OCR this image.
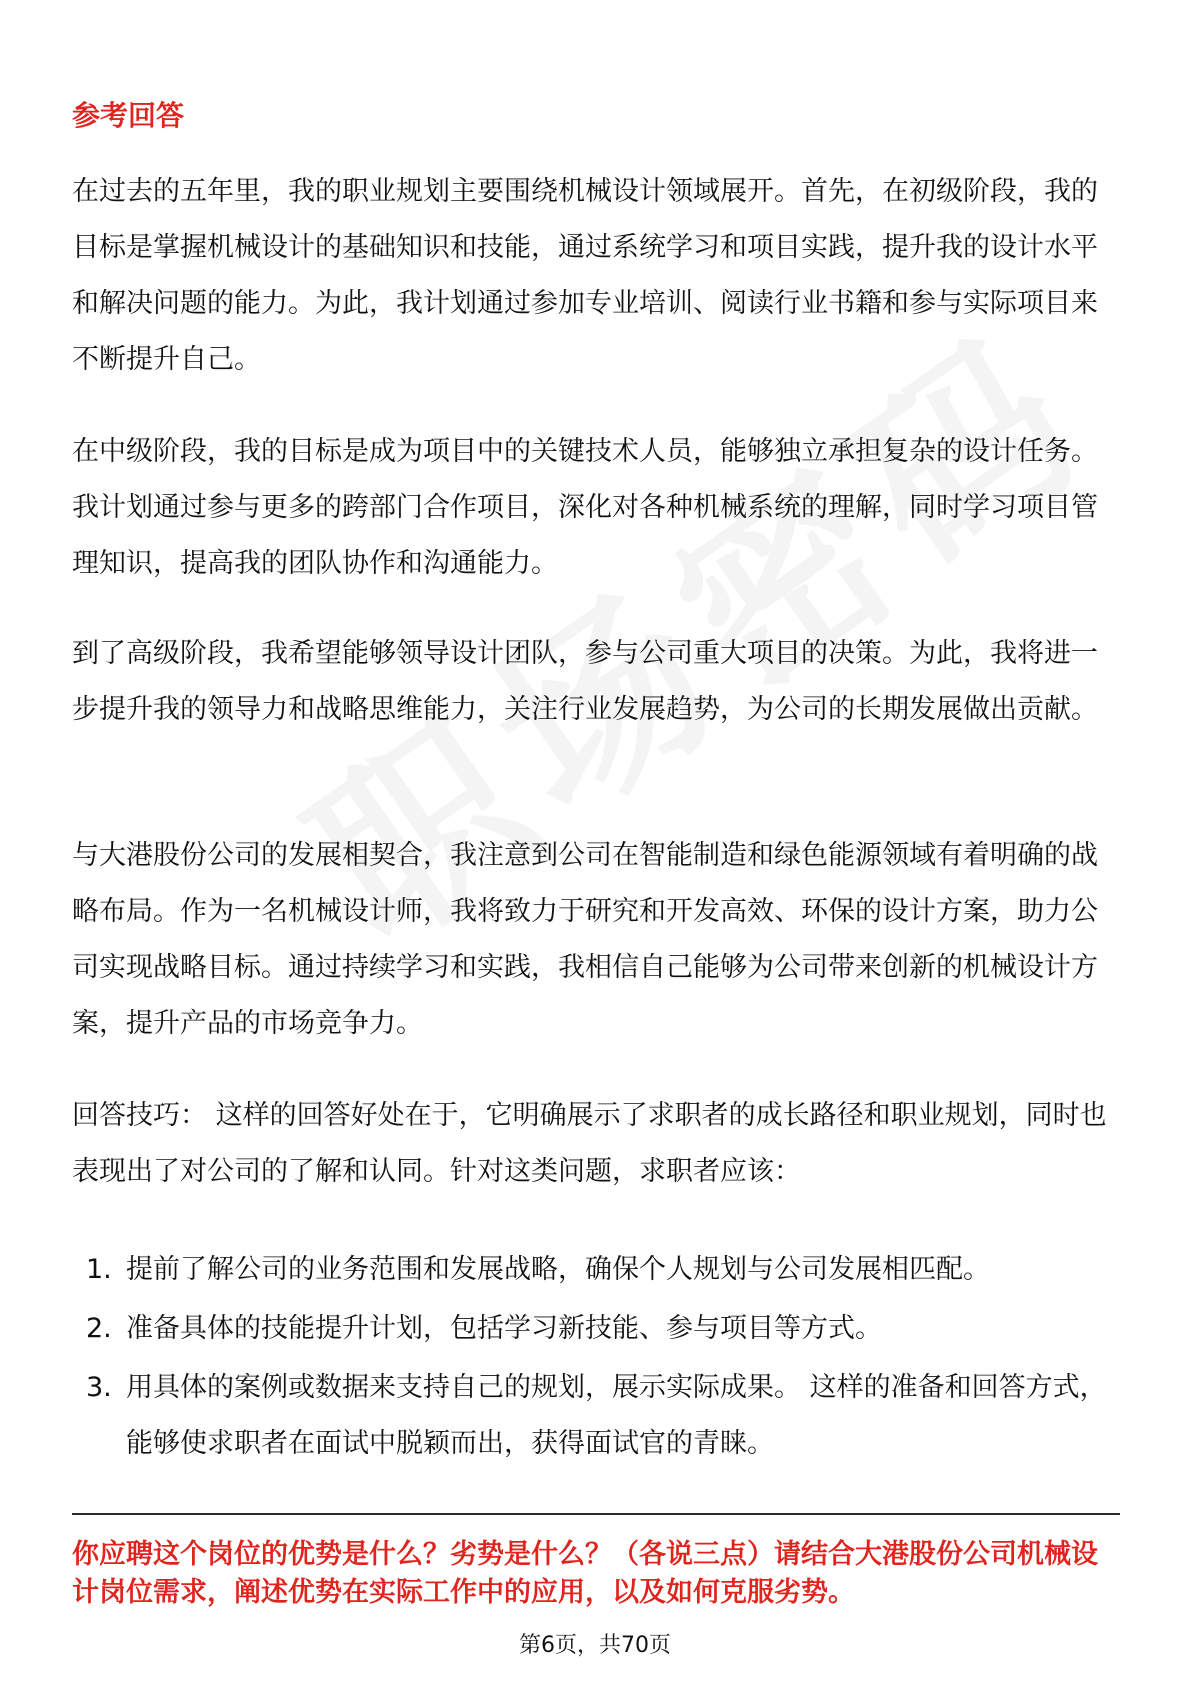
参考回答

在过去的五年里，我的职业规划主要围绕机械设计领域展开。首先，在初级阶段，我的目标是掌握机械设计的基础知识和技能，通过系统学习和项目实践，提升我的设计水平和解决问题的能力。为此，我计划通过参加专业培训、阅读行业书籍和参与实际项目来不断提升自己。

在中级阶段，我的目标是成为项目中的关键技术人员，能够独立承担复杂的设计任务。我计划通过参与更多的跨部门合作项目，深化对各种机械系统的理解，同时学习项目管理知识，提高我的团队协作和沟通能力。

到了高级阶段，我希望能够领导设计团队，参与公司重大项目的决策。为此，我将进一步提升我的领导力和战略思维能力，关注行业发展趋势，为公司的长期发展做出贡献。

与大港股份公司的发展相契合，我注意到公司在智能制造和绿色能源领域有着明确的战略布局。作为一名机械设计师，我将致力于研究和开发高效、环保的设计方案，助力公司实现战略目标。通过持续学习和实践，我相信自己能够为公司带来创新的机械设计方案，提升产品的市场竞争力。

回答技巧： 这样的回答好处在于，它明确展示了求职者的成长路径和职业规划，同时也表现出了对公司的了解和认同。针对这类问题，求职者应该：

1. 提前了解公司的业务范围和发展战略，确保个人规划与公司发展相匹配。
2. 准备具体的技能提升计划，包括学习新技能、参与项目等方式。
3. 用具体的案例或数据来支持自己的规划，展示实际成果。 这样的准备和回答方式，能够使求职者在面试中脱颖而出，获得面试官的青睐。
你应聘这个岗位的优势是什么？劣势是什么？（各说三点）请结合大港股份公司机械设计岗位需求，阐述优势在实际工作中的应用，以及如何克服劣势。
第6页，共70页
